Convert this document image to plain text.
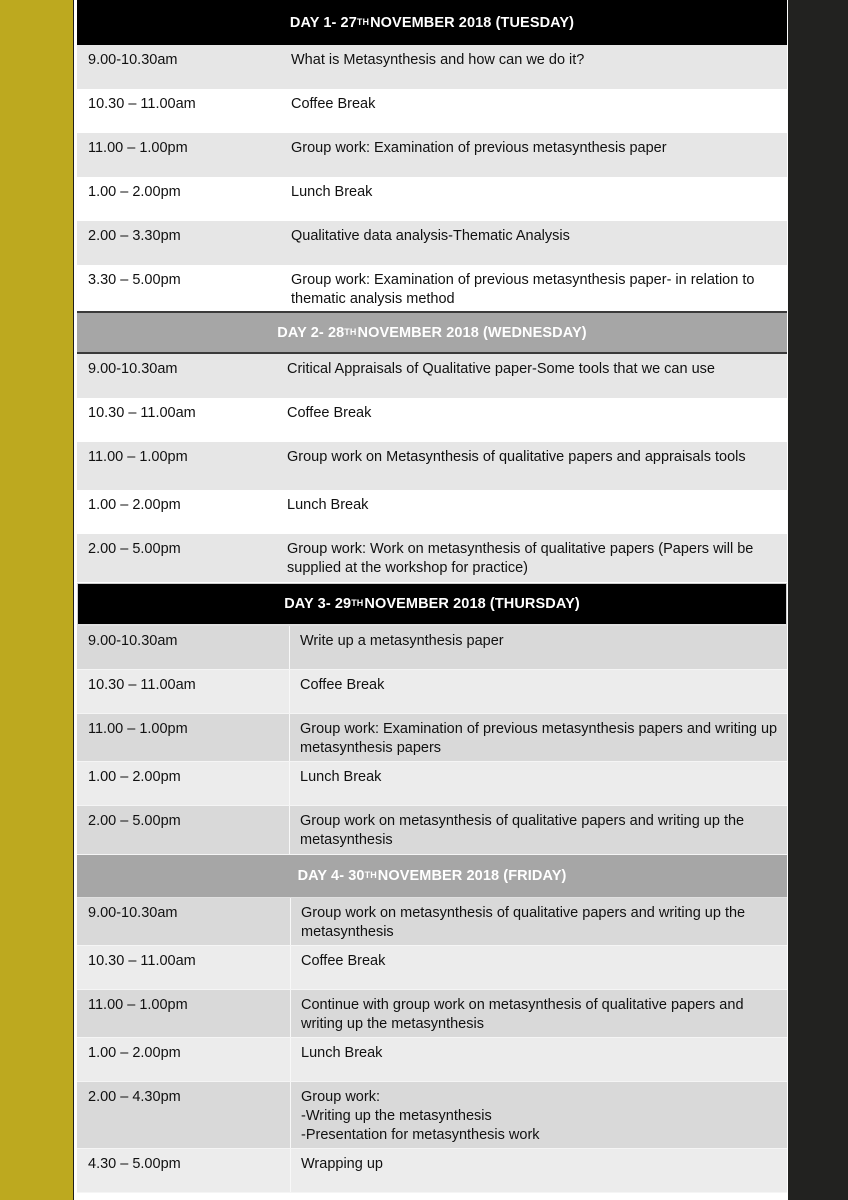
DAY 1- 27TH NOVEMBER 2018 (TUESDAY)
9.00-10.30am	What is Metasynthesis and how can we do it?
10.30 – 11.00am	Coffee Break
11.00 – 1.00pm	Group work: Examination of previous metasynthesis paper
1.00 – 2.00pm	Lunch Break
2.00 – 3.30pm	Qualitative data analysis-Thematic Analysis
3.30 – 5.00pm	Group work: Examination of previous metasynthesis paper- in relation to thematic analysis method
DAY 2- 28TH NOVEMBER 2018 (WEDNESDAY)
9.00-10.30am	Critical Appraisals of Qualitative paper-Some tools that we can use
10.30 – 11.00am	Coffee Break
11.00 – 1.00pm	Group work on Metasynthesis of qualitative papers and appraisals tools
1.00 – 2.00pm	Lunch Break
2.00 – 5.00pm	Group work: Work on metasynthesis of qualitative papers (Papers will be supplied at the workshop for practice)
DAY 3- 29TH NOVEMBER 2018 (THURSDAY)
9.00-10.30am	Write up a metasynthesis paper
10.30 – 11.00am	Coffee Break
11.00 – 1.00pm	Group work: Examination of previous metasynthesis papers and writing up metasynthesis papers
1.00 – 2.00pm	Lunch Break
2.00 – 5.00pm	Group work on metasynthesis of qualitative papers and writing up the metasynthesis
DAY 4- 30TH NOVEMBER 2018 (FRIDAY)
9.00-10.30am	Group work on metasynthesis of qualitative papers and writing up the metasynthesis
10.30 – 11.00am	Coffee Break
11.00 – 1.00pm	Continue with group work on metasynthesis of qualitative papers and writing up the metasynthesis
1.00 – 2.00pm	Lunch Break
2.00 – 4.30pm	Group work:
-Writing up the metasynthesis
-Presentation for metasynthesis work
4.30 – 5.00pm	Wrapping up
